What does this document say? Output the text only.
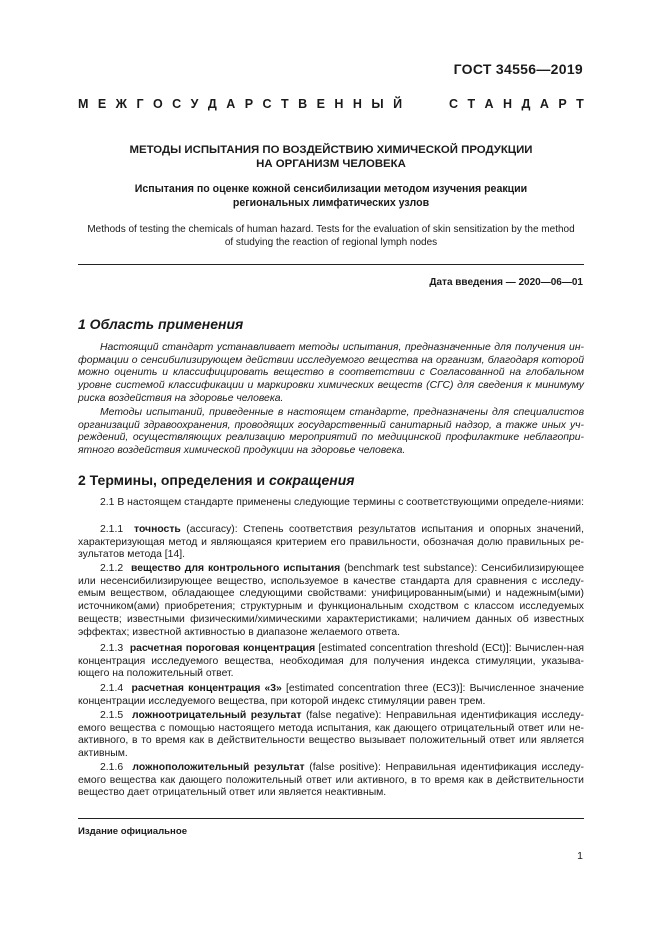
ГОСТ 34556—2019
М Е Ж Г О С У Д А Р С Т В Е Н Н Ы Й	С Т А Н Д А Р Т
МЕТОДЫ ИСПЫТАНИЯ ПО ВОЗДЕЙСТВИЮ ХИМИЧЕСКОЙ ПРОДУКЦИИ
НА ОРГАНИЗМ ЧЕЛОВЕКА
Испытания по оценке кожной сенсибилизации методом изучения реакции
региональных лимфатических узлов
Methods of testing the chemicals of human hazard. Tests for the evaluation of skin sensitization by the method
of studying the reaction of regional lymph nodes
Дата введения — 2020—06—01
1 Область применения
Настоящий стандарт устанавливает методы испытания, предназначенные для получения ин-формации о сенсибилизирующем действии исследуемого вещества на организм, благодаря которой можно оценить и классифицировать вещество в соответствии с Согласованной на глобальном уровне системой классификации и маркировки химических веществ (СГС) для сведения к минимуму риска воздействия на здоровье человека.
Методы испытаний, приведенные в настоящем стандарте, предназначены для специалистов организаций здравоохранения, проводящих государственный санитарный надзор, а также иных уч-реждений, осуществляющих реализацию мероприятий по медицинской профилактике неблагопри-ятного воздействия химической продукции на здоровье человека.
2 Термины, определения и сокращения
2.1 В настоящем стандарте применены следующие термины с соответствующими определе-ниями:
2.1.1 точность (accuracy): Степень соответствия результатов испытания и опорных значений, характеризующая метод и являющаяся критерием его правильности, обозначая долю правильных ре-зультатов метода [14].
2.1.2 вещество для контрольного испытания (benchmark test substance): Сенсибилизирующее или несенсибилизирующее вещество, используемое в качестве стандарта для сравнения с исследу-емым веществом, обладающее следующими свойствами: унифицированным(ыми) и надежным(ыми) источником(ами) приобретения; структурным и функциональным сходством с классом исследуемых веществ; известными физическими/химическими характеристиками; наличием данных об известных эффектах; известной активностью в диапазоне желаемого ответа.
2.1.3 расчетная пороговая концентрация [estimated concentration threshold (ECt)]: Вычислен-ная концентрация исследуемого вещества, необходимая для получения индекса стимуляции, указыва-ющего на положительный ответ.
2.1.4 расчетная концентрация «3» [estimated concentration three (EC3)]: Вычисленное значение концентрации исследуемого вещества, при которой индекс стимуляции равен трем.
2.1.5 ложноотрицательный результат (false negative): Неправильная идентификация исследу-емого вещества с помощью настоящего метода испытания, как дающего отрицательный ответ или не-активного, в то время как в действительности вещество вызывает положительный ответ или является активным.
2.1.6 ложноположительный результат (false positive): Неправильная идентификация исследу-емого вещества как дающего положительный ответ или активного, в то время как в действительности вещество дает отрицательный ответ или является неактивным.
Издание официальное
1
